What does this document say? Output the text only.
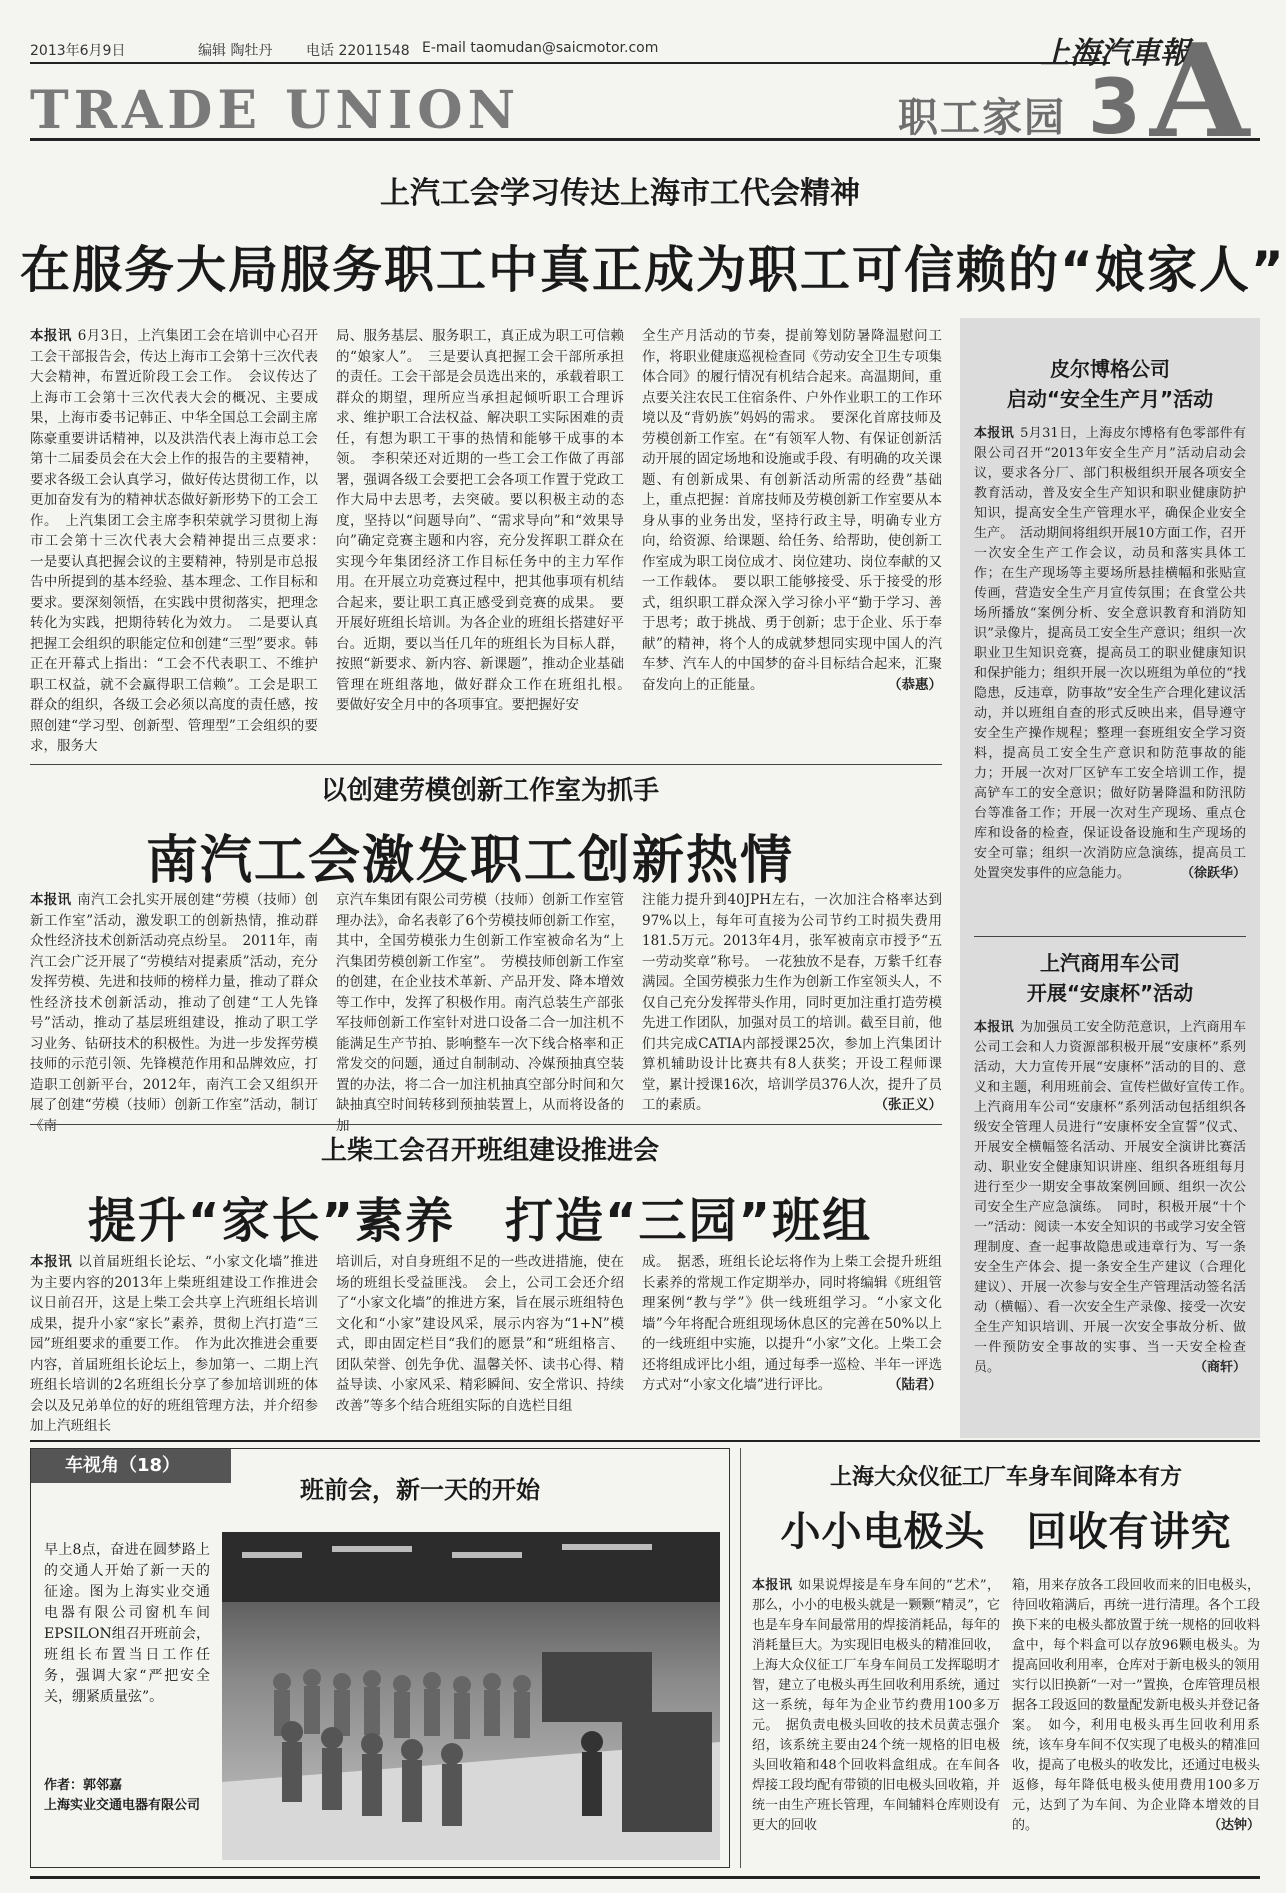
2013年6月9日	编辑 陶牡丹 电话 22011548 E-mail taomudan@saicmotor.com	上海汽車報
TRADE UNION	职工家园 3 A
上汽工会学习传达上海市工代会精神
在服务大局服务职工中真正成为职工可信赖的“娘家人”
本报讯 6月3日，上汽集团工会在培训中心召开工会干部报告会，传达上海市工会第十三次代表大会精神，布置近阶段工会工作。　会议传达了上海市工会第十三次代表大会的概况、主要成果，上海市委书记韩正、中华全国总工会副主席陈豪重要讲话精神，以及洪浩代表上海市总工会第十二届委员会在大会上作的报告的主要精神，要求各级工会认真学习，做好传达贯彻工作，以更加奋发有为的精神状态做好新形势下的工会工作。　上汽集团工会主席李积荣就学习贯彻上海市工会第十三次代表大会精神提出三点要求：　一是要认真把握会议的主要精神，特别是市总报告中所提到的基本经验、基本理念、工作目标和要求。要深刻领悟，在实践中贯彻落实，把理念转化为实践，把期待转化为效力。　二是要认真把握工会组织的职能定位和创建“三型”要求。韩正在开幕式上指出：“工会不代表职工、不维护职工权益，就不会赢得职工信赖”。工会是职工群众的组织，各级工会必须以高度的责任感，按照创建“学习型、创新型、管理型”工会组织的要求，服务大
局、服务基层、服务职工，真正成为职工可信赖的“娘家人”。　三是要认真把握工会干部所承担的责任。工会干部是会员选出来的，承载着职工群众的期望，理所应当承担起倾听职工合理诉求、维护职工合法权益、解决职工实际困难的责任，有想为职工干事的热情和能够干成事的本领。　李积荣还对近期的一些工会工作做了再部署，强调各级工会要把工会各项工作置于党政工作大局中去思考，去突破。要以积极主动的态度，坚持以“问题导向”、“需求导向”和“效果导向”确定竞赛主题和内容，充分发挥职工群众在实现今年集团经济工作目标任务中的主力军作用。在开展立功竞赛过程中，把其他事项有机结合起来，要让职工真正感受到竞赛的成果。　要开展好班组长培训。为各企业的班组长搭建好平台。近期，要以当任几年的班组长为目标人群，按照“新要求、新内容、新课题”，推动企业基础管理在班组落地，做好群众工作在班组扎根。　要做好安全月中的各项事宜。要把握好安
全生产月活动的节奏，提前筹划防暑降温慰问工作，将职业健康巡视检查同《劳动安全卫生专项集体合同》的履行情况有机结合起来。高温期间，重点要关注农民工住宿条件、户外作业职工的工作环境以及“背奶族”妈妈的需求。　要深化首席技师及劳模创新工作室。在“有领军人物、有保证创新活动开展的固定场地和设施或手段、有明确的攻关课题、有创新成果、有创新活动所需的经费”基础上，重点把握：首席技师及劳模创新工作室要从本身从事的业务出发，坚持行政主导，明确专业方向，给资源、给课题、给任务、给帮助，使创新工作室成为职工岗位成才、岗位建功、岗位奉献的又一工作载体。　要以职工能够接受、乐于接受的形式，组织职工群众深入学习徐小平“勤于学习、善于思考；敢于挑战、勇于创新；忠于企业、乐于奉献”的精神，将个人的成就梦想同实现中国人的汽车梦、汽车人的中国梦的奋斗目标结合起来，汇聚奋发向上的正能量。	（恭惠）
以创建劳模创新工作室为抓手
南汽工会激发职工创新热情
本报讯 南汽工会扎实开展创建“劳模（技师）创新工作室”活动，激发职工的创新热情，推动群众性经济技术创新活动亮点纷呈。　2011年，南汽工会广泛开展了“劳模结对提素质”活动，充分发挥劳模、先进和技师的榜样力量，推动了群众性经济技术创新活动，推动了创建“工人先锋号”活动，推动了基层班组建设，推动了职工学习业务、钻研技术的积极性。为进一步发挥劳模技师的示范引领、先锋模范作用和品牌效应，打造职工创新平台，2012年，南汽工会又组织开展了创建“劳模（技师）创新工作室”活动，制订《南
京汽车集团有限公司劳模（技师）创新工作室管理办法》，命名表彰了6个劳模技师创新工作室，其中，全国劳模张力生创新工作室被命名为“上汽集团劳模创新工作室”。　劳模技师创新工作室的创建，在企业技术革新、产品开发、降本增效等工作中，发挥了积极作用。南汽总装生产部张军技师创新工作室针对进口设备二合一加注机不能满足生产节拍、影响整车一次下线合格率和正常发交的问题，通过自制制动、冷媒预抽真空装置的办法，将二合一加注机抽真空部分时间和欠缺抽真空时间转移到预抽装置上，从而将设备的加
注能力提升到40JPH左右，一次加注合格率达到97%以上，每年可直接为公司节约工时损失费用181.5万元。2013年4月，张军被南京市授予“五一劳动奖章”称号。　一花独放不是春，万紫千红春满园。全国劳模张力生作为创新工作室领头人，不仅自己充分发挥带头作用，同时更加注重打造劳模先进工作团队，加强对员工的培训。截至目前，他们共完成CATIA内部授课25次，参加上汽集团计算机辅助设计比赛共有8人获奖；开设工程师课堂，累计授课16次，培训学员376人次，提升了员工的素质。	（张正义）
上柴工会召开班组建设推进会
提升“家长”素养　打造“三园”班组
本报讯 以首届班组长论坛、“小家文化墙”推进为主要内容的2013年上柴班组建设工作推进会议日前召开，这是上柴工会共享上汽班组长培训成果，提升小家“家长”素养，贯彻上汽打造“三园”班组要求的重要工作。　作为此次推进会重要内容，首届班组长论坛上，参加第一、二期上汽班组长培训的2名班组长分享了参加培训班的体会以及兄弟单位的好的班组管理方法，并介绍参加上汽班组长
培训后，对自身班组不足的一些改进措施，使在场的班组长受益匪浅。　会上，公司工会还介绍了“小家文化墙”的推进方案，旨在展示班组特色文化和“小家”建设风采，展示内容为“1+N”模式，即由固定栏目“我们的愿景”和“班组格言、团队荣誉、创先争优、温馨关怀、读书心得、精益导读、小家风采、精彩瞬间、安全常识、持续改善”等多个结合班组实际的自选栏目组
成。　据悉，班组长论坛将作为上柴工会提升班组长素养的常规工作定期举办，同时将编辑《班组管理案例“教与学”》供一线班组学习。“小家文化墙”今年将配合班组现场休息区的完善在50%以上的一线班组中实施，以提升“小家”文化。上柴工会还将组成评比小组，通过每季一巡检、半年一评选方式对“小家文化墙”进行评比。	（陆君）
皮尔博格公司
启动“安全生产月”活动
本报讯 5月31日，上海皮尔博格有色零部件有限公司召开“2013年安全生产月”活动启动会议，要求各分厂、部门积极组织开展各项安全教育活动，普及安全生产知识和职业健康防护知识，提高安全生产管理水平，确保企业安全生产。　活动期间将组织开展10方面工作，召开一次安全生产工作会议，动员和落实具体工作；在生产现场等主要场所悬挂横幅和张贴宣传画，营造安全生产月宣传氛围；在食堂公共场所播放“案例分析、安全意识教育和消防知识”录像片，提高员工安全生产意识；组织一次职业卫生知识竞赛，提高员工的职业健康知识和保护能力；组织开展一次以班组为单位的“找隐患，反违章，防事故”安全生产合理化建议活动，并以班组自查的形式反映出来，倡导遵守安全生产操作规程；整理一套班组安全学习资料，提高员工安全生产意识和防范事故的能力；开展一次对厂区铲车工安全培训工作，提高铲车工的安全意识；做好防暑降温和防汛防台等准备工作；开展一次对生产现场、重点仓库和设备的检查，保证设备设施和生产现场的安全可靠；组织一次消防应急演练，提高员工处置突发事件的应急能力。	（徐跃华）
上汽商用车公司
开展“安康杯”活动
本报讯 为加强员工安全防范意识，上汽商用车公司工会和人力资源部积极开展“安康杯”系列活动，大力宣传开展“安康杯”活动的目的、意义和主题，利用班前会、宣传栏做好宣传工作。　上汽商用车公司“安康杯”系列活动包括组织各级安全管理人员进行“安康杯安全宣誓”仪式、开展安全横幅签名活动、开展安全演讲比赛活动、职业安全健康知识讲座、组织各班组每月进行至少一期安全事故案例回顾、组织一次公司安全生产应急演练。　同时，积极开展“十个一”活动：阅读一本安全知识的书或学习安全管理制度、查一起事故隐患或违章行为、写一条安全生产体会、提一条安全生产建议（合理化建议）、开展一次参与安全生产管理活动签名活动（横幅）、看一次安全生产录像、接受一次安全生产知识培训、开展一次安全事故分析、做一件预防安全事故的实事、当一天安全检查员。	（商轩）
车视角（18）
班前会，新一天的开始
早上8点，奋进在圆梦路上的交通人开始了新一天的征途。图为上海实业交通电器有限公司窗机车间EPSILON组召开班前会，班组长布置当日工作任务，强调大家“严把安全关，绷紧质量弦”。
作者：郭邻嘉
上海实业交通电器有限公司
上海大众仪征工厂车身车间降本有方
小小电极头　回收有讲究
本报讯 如果说焊接是车身车间的“艺术”，那么，小小的电极头就是一颗颗“精灵”，它也是车身车间最常用的焊接消耗品，每年的消耗量巨大。为实现旧电极头的精准回收，上海大众仪征工厂车身车间员工发挥聪明才智，建立了电极头再生回收利用系统，通过这一系统，每年为企业节约费用100多万元。　据负责电极头回收的技术员黄志强介绍，该系统主要由24个统一规格的旧电极头回收箱和48个回收料盒组成。在车间各焊接工段均配有带锁的旧电极头回收箱，并统一由生产班长管理，车间辅料仓库则设有更大的回收
箱，用来存放各工段回收而来的旧电极头，待回收箱满后，再统一进行清理。各个工段换下来的电极头都放置于统一规格的回收料盒中，每个料盒可以存放96颗电极头。为提高回收利用率，仓库对于新电极头的领用实行以旧换新“一对一”置换，仓库管理员根据各工段返回的数量配发新电极头并登记备案。　如今，利用电极头再生回收利用系统，该车身车间不仅实现了电极头的精准回收，提高了电极头的收发比，还通过电极头返修，每年降低电极头使用费用100多万元，达到了为车间、为企业降本增效的目的。	（达钟）
